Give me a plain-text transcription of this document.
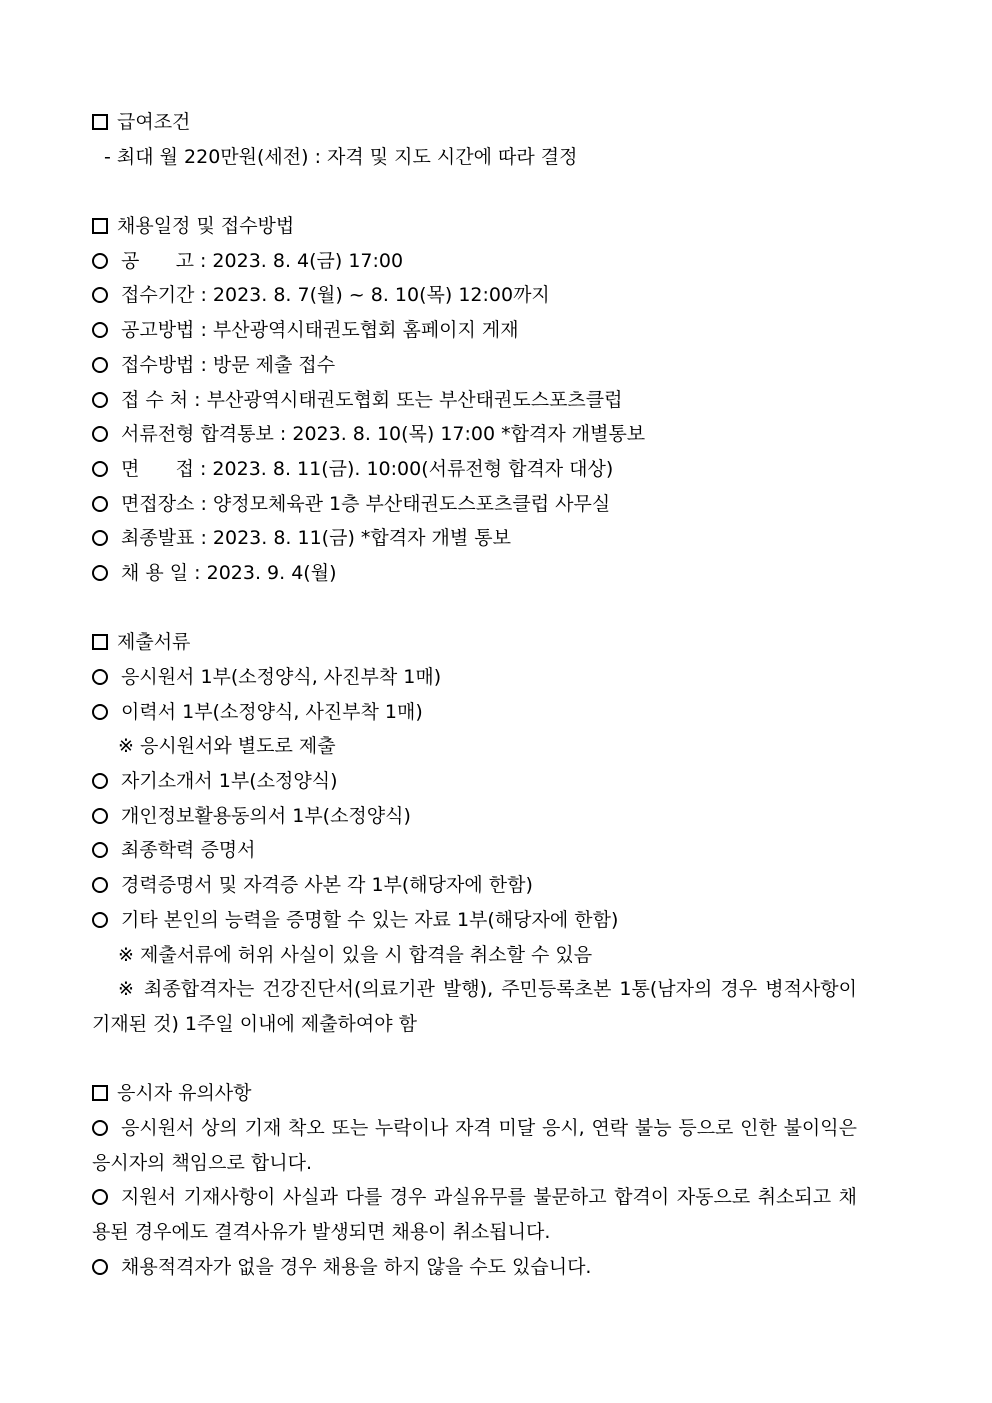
급여조건
- 최대 월 220만원(세전) : 자격 및 지도 시간에 따라 결정
채용일정 및 접수방법
공      고 : 2023. 8. 4(금) 17:00
접수기간 : 2023. 8. 7(월) ~ 8. 10(목) 12:00까지
공고방법 : 부산광역시태권도협회 홈페이지 게재
접수방법 : 방문 제출 접수
접 수 처 : 부산광역시태권도협회 또는 부산태권도스포츠클럽
서류전형 합격통보 : 2023. 8. 10(목) 17:00 *합격자 개별통보
면      접 : 2023. 8. 11(금). 10:00(서류전형 합격자 대상)
면접장소 : 양정모체육관 1층 부산태권도스포츠클럽 사무실
최종발표 : 2023. 8. 11(금) *합격자 개별 통보
채 용 일 : 2023. 9. 4(월)
제출서류
응시원서 1부(소정양식, 사진부착 1매)
이력서 1부(소정양식, 사진부착 1매)
※ 응시원서와 별도로 제출
자기소개서 1부(소정양식)
개인정보활용동의서 1부(소정양식)
최종학력 증명서
경력증명서 및 자격증 사본 각 1부(해당자에 한함)
기타 본인의 능력을 증명할 수 있는 자료 1부(해당자에 한함)
※ 제출서류에 허위 사실이 있을 시 합격을 취소할 수 있음
※ 최종합격자는 건강진단서(의료기관 발행), 주민등록초본 1통(남자의 경우 병적사항이 기재된 것) 1주일 이내에 제출하여야 함
응시자 유의사항
응시원서 상의 기재 착오 또는 누락이나 자격 미달 응시, 연락 불능 등으로 인한 불이익은 응시자의 책임으로 합니다.
지원서 기재사항이 사실과 다를 경우 과실유무를 불문하고 합격이 자동으로 취소되고 채용된 경우에도 결격사유가 발생되면 채용이 취소됩니다.
채용적격자가 없을 경우 채용을 하지 않을 수도 있습니다.
